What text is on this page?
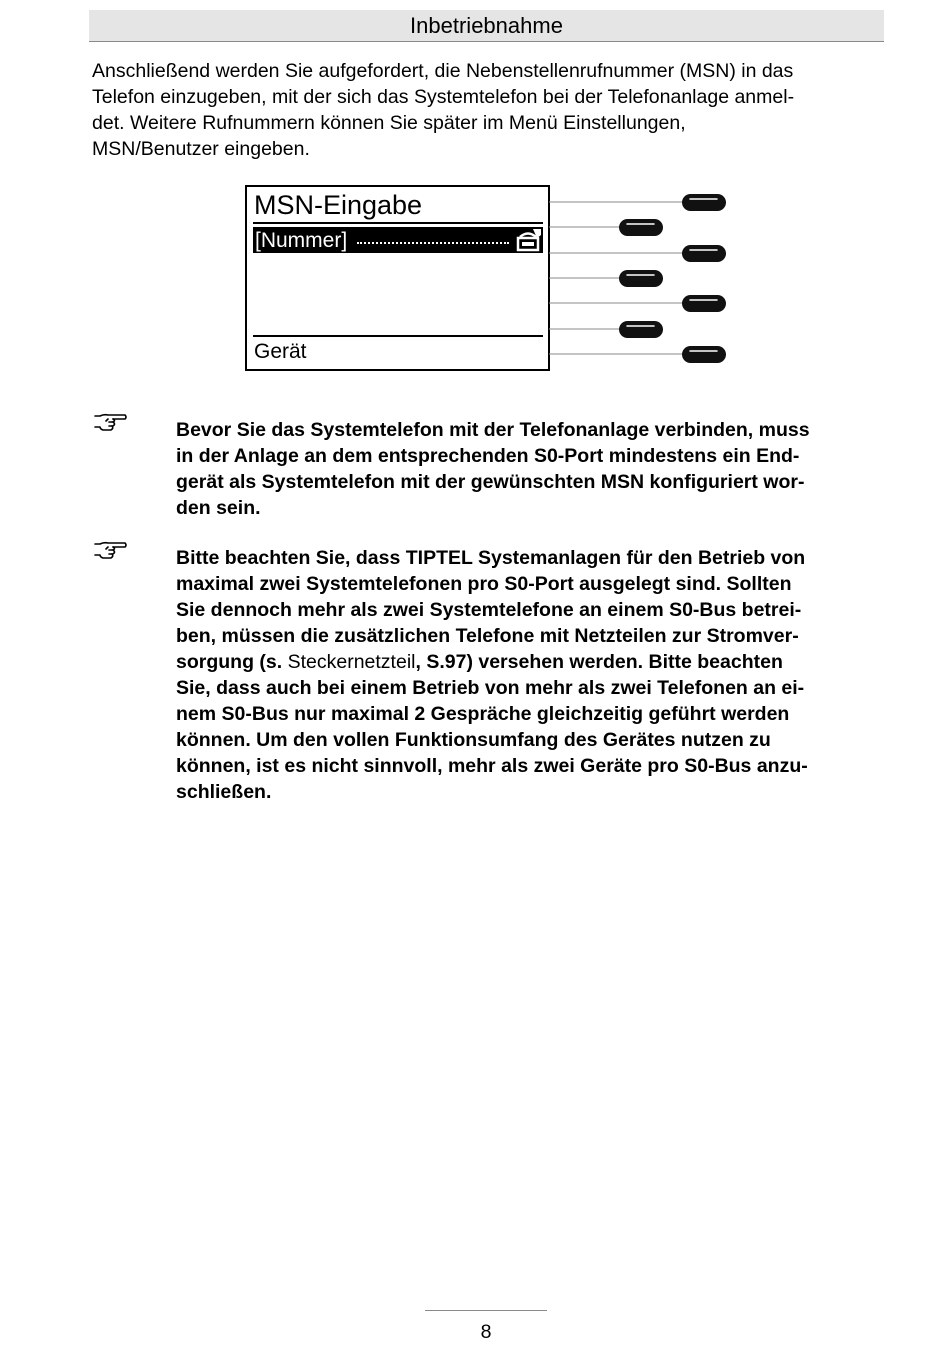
Inbetriebnahme

Anschließend werden Sie aufgefordert, die Nebenstellenrufnummer (MSN) in das
Telefon einzugeben, mit der sich das Systemtelefon bei der Telefonanlage anmel-
det. Weitere Rufnummern können Sie später im Menü Einstellungen,
MSN/Benutzer eingeben.

MSN-Eingabe
[Nummer]
Gerät

Bevor Sie das Systemtelefon mit der Telefonanlage verbinden, muss
in der Anlage an dem entsprechenden S0-Port mindestens ein End-
gerät als Systemtelefon mit der gewünschten MSN konfiguriert wor-
den sein.

Bitte beachten Sie, dass TIPTEL Systemanlagen für den Betrieb von
maximal zwei Systemtelefonen pro S0-Port ausgelegt sind. Sollten
Sie dennoch mehr als zwei Systemtelefone an einem S0-Bus betrei-
ben, müssen die zusätzlichen Telefone mit Netzteilen zur Stromver-
sorgung (s. Steckernetzteil, S.97) versehen werden. Bitte beachten
Sie, dass auch bei einem Betrieb von mehr als zwei Telefonen an ei-
nem S0-Bus nur maximal 2 Gespräche gleichzeitig geführt werden
können. Um den vollen Funktionsumfang des Gerätes nutzen zu
können, ist es nicht sinnvoll, mehr als zwei Geräte pro S0-Bus anzu-
schließen.

8
